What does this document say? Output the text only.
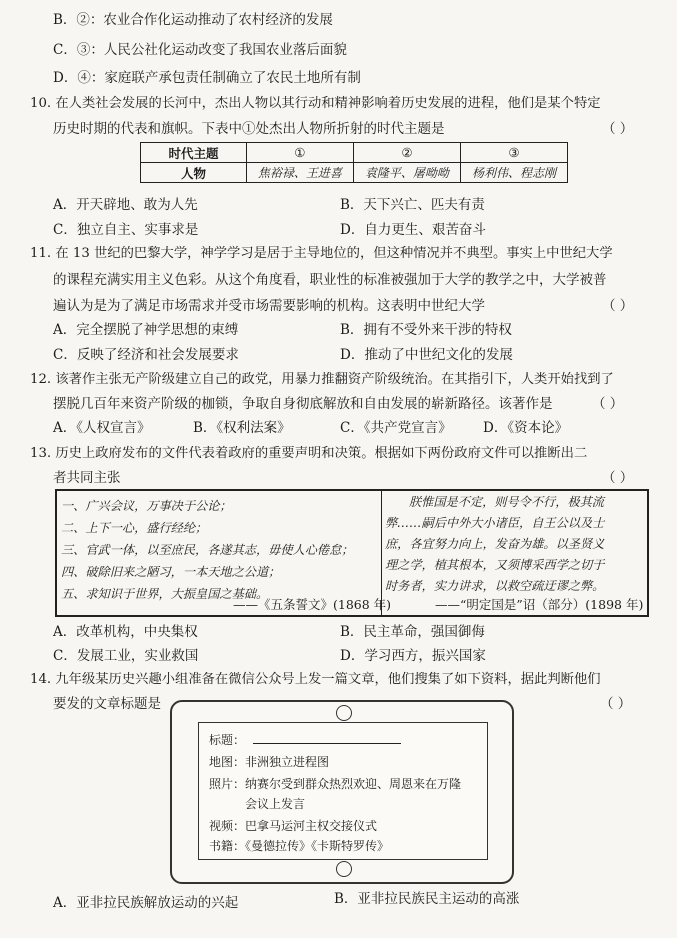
B．②：农业合作化运动推动了农村经济的发展
C．③：人民公社化运动改变了我国农业落后面貌
D．④：家庭联产承包责任制确立了农民土地所有制
10. 在人类社会发展的长河中，杰出人物以其行动和精神影响着历史发展的进程，他们是某个特定
历史时期的代表和旗帜。下表中①处杰出人物所折射的时代主题是	（ ）
时代主题	①	②	③
人物	焦裕禄、王进喜	袁隆平、屠呦呦	杨利伟、程志刚
A．开天辟地、敢为人先	B．天下兴亡、匹夫有责
C．独立自主、实事求是	D．自力更生、艰苦奋斗
11. 在 13 世纪的巴黎大学，神学学习是居于主导地位的，但这种情况并不典型。事实上中世纪大学
的课程充满实用主义色彩。从这个角度看，职业性的标准被强加于大学的教学之中，大学被普
遍认为是为了满足市场需求并受市场需要影响的机构。这表明中世纪大学	（ ）
A．完全摆脱了神学思想的束缚	B．拥有不受外来干涉的特权
C．反映了经济和社会发展要求	D．推动了中世纪文化的发展
12. 该著作主张无产阶级建立自己的政党，用暴力推翻资产阶级统治。在其指引下，人类开始找到了
摆脱几百年来资产阶级的枷锁，争取自身彻底解放和自由发展的崭新路径。该著作是	（ ）
A．《人权宣言》	B．《权利法案》	C．《共产党宣言》 D．《资本论》
13. 历史上政府发布的文件代表着政府的重要声明和决策。根据如下两份政府文件可以推断出二
者共同主张	（ ）
一、广兴会议，万事决于公论；
二、上下一心，盛行经纶；
三、官武一体，以至庶民，各遂其志，毋使人心倦怠；
四、破除旧来之陋习，一本天地之公道；
五、求知识于世界，大振皇国之基础。
——《五条誓文》(1868 年)
朕惟国是不定，则号令不行，极其流
弊……嗣后中外大小诸臣，自王公以及士
庶，各宜努力向上，发奋为雄。以圣贤义
理之学，植其根本，又须博采西学之切于
时务者，实力讲求，以救空疏迂谬之弊。
——“明定国是”诏（部分）(1898 年)
A．改革机构，中央集权	B．民主革命，强国御侮
C．发展工业，实业救国	D．学习西方，振兴国家
14. 九年级某历史兴趣小组准备在微信公众号上发一篇文章，他们搜集了如下资料，据此判断他们
要发的文章标题是	（ ）
标题：
地图：非洲独立进程图
照片：纳赛尔受到群众热烈欢迎、周恩来在万隆
会议上发言
视频：巴拿马运河主权交接仪式
书籍：《曼德拉传》《卡斯特罗传》
A．亚非拉民族解放运动的兴起	B．亚非拉民族民主运动的高涨
